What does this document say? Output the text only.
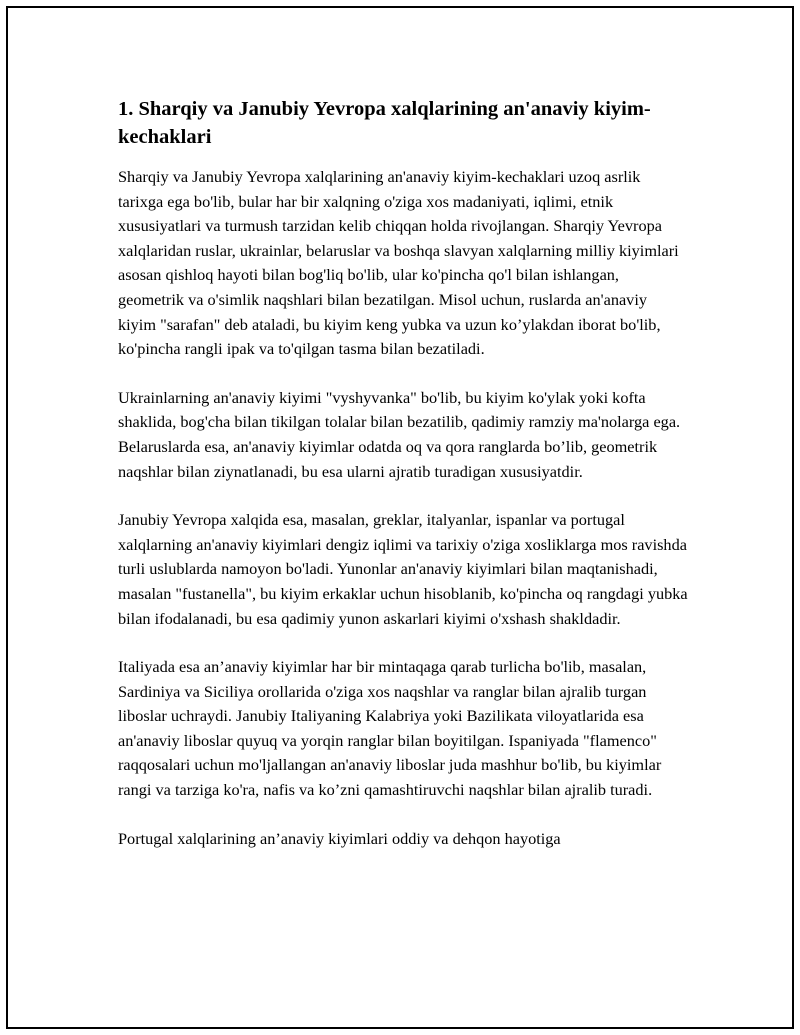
1. Sharqiy va Janubiy Yevropa xalqlarining an'anaviy kiyim-kechaklari

Sharqiy va Janubiy Yevropa xalqlarining an'anaviy kiyim-kechaklari uzoq asrlik tarixga ega bo'lib, bular har bir xalqning o'ziga xos madaniyati, iqlimi, etnik xususiyatlari va turmush tarzidan kelib chiqqan holda rivojlangan. Sharqiy Yevropa xalqlaridan ruslar, ukrainlar, belaruslar va boshqa slavyan xalqlarning milliy kiyimlari asosan qishloq hayoti bilan bog'liq bo'lib, ular ko'pincha qo'l bilan ishlangan, geometrik va o'simlik naqshlari bilan bezatilgan. Misol uchun, ruslarda an'anaviy kiyim "sarafan" deb ataladi, bu kiyim keng yubka va uzun ko’ylakdan iborat bo'lib, ko'pincha rangli ipak va to'qilgan tasma bilan bezatiladi.

Ukrainlarning an'anaviy kiyimi "vyshyvanka" bo'lib, bu kiyim ko'ylak yoki kofta shaklida, bog'cha bilan tikilgan tolalar bilan bezatilib, qadimiy ramziy ma'nolarga ega. Belaruslarda esa, an'anaviy kiyimlar odatda oq va qora ranglarda bo’lib, geometrik naqshlar bilan ziynatlanadi, bu esa ularni ajratib turadigan xususiyatdir.

Janubiy Yevropa xalqida esa, masalan, greklar, italyanlar, ispanlar va portugal xalqlarning an'anaviy kiyimlari dengiz iqlimi va tarixiy o'ziga xosliklarga mos ravishda turli uslublarda namoyon bo'ladi. Yunonlar an'anaviy kiyimlari bilan maqtanishadi, masalan "fustanella", bu kiyim erkaklar uchun hisoblanib, ko'pincha oq rangdagi yubka bilan ifodalanadi, bu esa qadimiy yunon askarlari kiyimi o'xshash shakldadir.

Italiyada esa an’anaviy kiyimlar har bir mintaqaga qarab turlicha bo'lib, masalan, Sardiniya va Siciliya orollarida o'ziga xos naqshlar va ranglar bilan ajralib turgan liboslar uchraydi. Janubiy Italiyaning Kalabriya yoki Bazilikata viloyatlarida esa an'anaviy liboslar quyuq va yorqin ranglar bilan boyitilgan. Ispaniyada "flamenco" raqqosalari uchun mo'ljallangan an'anaviy liboslar juda mashhur bo'lib, bu kiyimlar rangi va tarziga ko'ra, nafis va ko’zni qamashtiruvchi naqshlar bilan ajralib turadi.

Portugal xalqlarining an’anaviy kiyimlari oddiy va dehqon hayotiga
